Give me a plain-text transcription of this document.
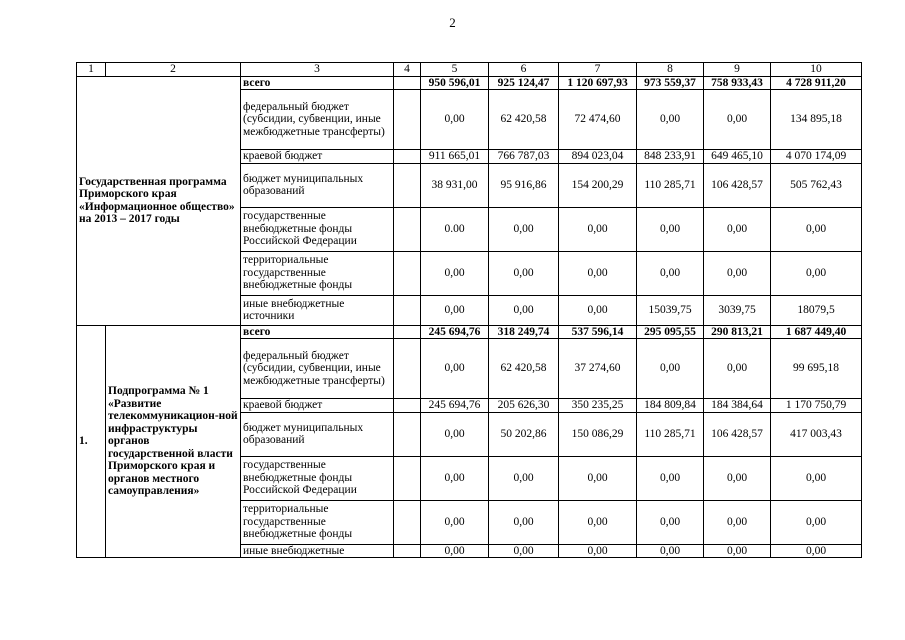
2
1	2	3	4	5	6	7	8	9	10
Государственная программа Приморского края «Информационное общество» на 2013 – 2017 годы		всего		950 596,01	925 124,47	1 120 697,93	973 559,37	758 933,43	4 728 911,20
		федеральный бюджет (субсидии, субвенции, иные межбюджетные трансферты)		0,00	62 420,58	72 474,60	0,00	0,00	134 895,18
		краевой бюджет		911 665,01	766 787,03	894 023,04	848 233,91	649 465,10	4 070 174,09
		бюджет муниципальных образований		38 931,00	95 916,86	154 200,29	110 285,71	106 428,57	505 762,43
		государственные внебюджетные фонды Российской Федерации		0.00	0,00	0,00	0,00	0,00	0,00
		территориальные государственные внебюджетные фонды		0,00	0,00	0,00	0,00	0,00	0,00
		иные внебюджетные источники		0,00	0,00	0,00	15039,75	3039,75	18079,5
1.	Подпрограмма № 1 «Развитие телекоммуникацион-ной инфраструктуры органов государственной власти Приморского края и органов местного самоуправления»	всего		245 694,76	318 249,74	537 596,14	295 095,55	290 813,21	1 687 449,40
		федеральный бюджет (субсидии, субвенции, иные межбюджетные трансферты)		0,00	62 420,58	37 274,60	0,00	0,00	99 695,18
		краевой бюджет		245 694,76	205 626,30	350 235,25	184 809,84	184 384,64	1 170 750,79
		бюджет муниципальных образований		0,00	50 202,86	150 086,29	110 285,71	106 428,57	417 003,43
		государственные внебюджетные фонды Российской Федерации		0,00	0,00	0,00	0,00	0,00	0,00
		территориальные государственные внебюджетные фонды		0,00	0,00	0,00	0,00	0,00	0,00
		иные внебюджетные		0,00	0,00	0,00	0,00	0,00	0,00
